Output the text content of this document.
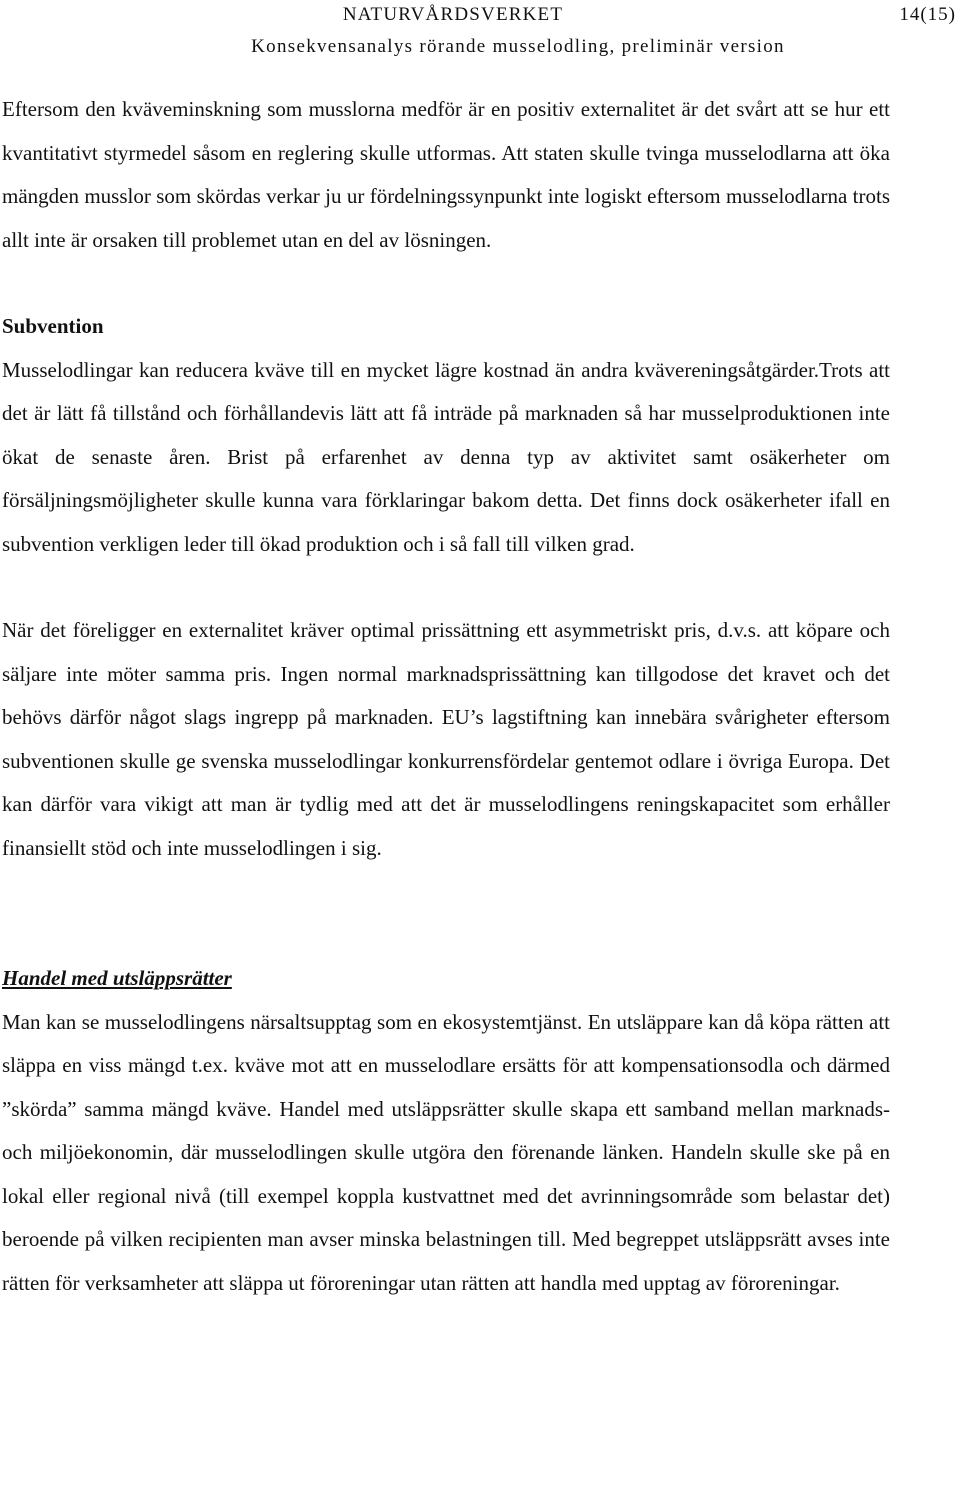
NATURVÅRDSVERKET	14(15)
Konsekvensanalys rörande musselodling, preliminär version

Eftersom den kväveminskning som musslorna medför är en positiv externalitet är det svårt att se hur ett kvantitativt styrmedel såsom en reglering skulle utformas. Att staten skulle tvinga musselodlarna att öka mängden musslor som skördas verkar ju ur fördelningssynpunkt inte logiskt eftersom musselodlarna trots allt inte är orsaken till problemet utan en del av lösningen.

Subvention

Musselodlingar kan reducera kväve till en mycket lägre kostnad än andra kvävereningsåtgärder.Trots att det är lätt få tillstånd och förhållandevis lätt att få inträde på marknaden så har musselproduktionen inte ökat de senaste åren. Brist på erfarenhet av denna typ av aktivitet samt osäkerheter om försäljningsmöjligheter skulle kunna vara förklaringar bakom detta. Det finns dock osäkerheter ifall en subvention verkligen leder till ökad produktion och i så fall till vilken grad.

När det föreligger en externalitet kräver optimal prissättning ett asymmetriskt pris, d.v.s. att köpare och säljare inte möter samma pris. Ingen normal marknadsprissättning kan tillgodose det kravet och det behövs därför något slags ingrepp på marknaden. EU’s lagstiftning kan innebära svårigheter eftersom subventionen skulle ge svenska musselodlingar konkurrensfördelar gentemot odlare i övriga Europa. Det kan därför vara vikigt att man är tydlig med att det är musselodlingens reningskapacitet som erhåller finansiellt stöd och inte musselodlingen i sig.

Handel med utsläppsrätter

Man kan se musselodlingens närsaltsupptag som en ekosystemtjänst. En utsläppare kan då köpa rätten att släppa en viss mängd t.ex. kväve mot att en musselodlare ersätts för att kompensationsodla och därmed ”skörda” samma mängd kväve. Handel med utsläppsrätter skulle skapa ett samband mellan marknads- och miljöekonomin, där musselodlingen skulle utgöra den förenande länken. Handeln skulle ske på en lokal eller regional nivå (till exempel koppla kustvattnet med det avrinningsområde som belastar det) beroende på vilken recipienten man avser minska belastningen till. Med begreppet utsläppsrätt avses inte rätten för verksamheter att släppa ut föroreningar utan rätten att handla med upptag av föroreningar.
